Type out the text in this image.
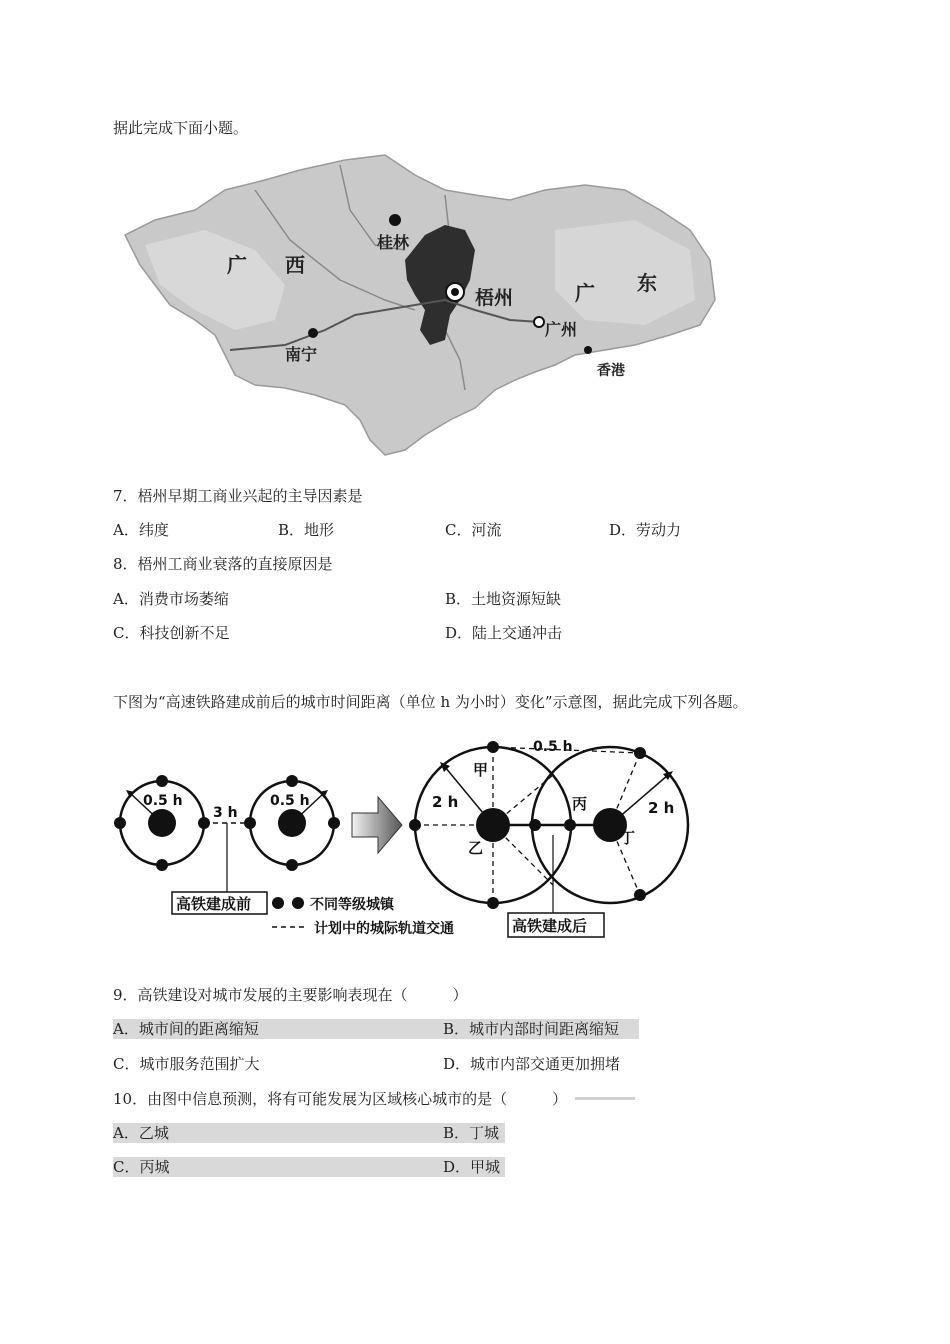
据此完成下面小题。
广 西
桂林
梧州	广 东
南宁
广州
香港
7．梧州早期工商业兴起的主导因素是
A．纬度	B．地形	C．河流	D．劳动力
8．梧州工商业衰落的直接原因是
A．消费市场萎缩	B．土地资源短缺
C．科技创新不足	D．陆上交通冲击
下图为“高速铁路建成前后的城市时间距离（单位 h 为小时）变化”示意图，据此完成下列各题。
0.5 h	0.5 h
3 h
0.5 h
2 h	2 h
甲
乙
丙
丁
高铁建成前	不同等级城镇
计划中的城际轨道交通	高铁建成后
9．高铁建设对城市发展的主要影响表现在（　　　）
A．城市间的距离缩短	B．城市内部时间距离缩短
C．城市服务范围扩大	D．城市内部交通更加拥堵
10．由图中信息预测，将有可能发展为区域核心城市的是（　　　）
A．乙城	B．丁城
C．丙城	D．甲城
